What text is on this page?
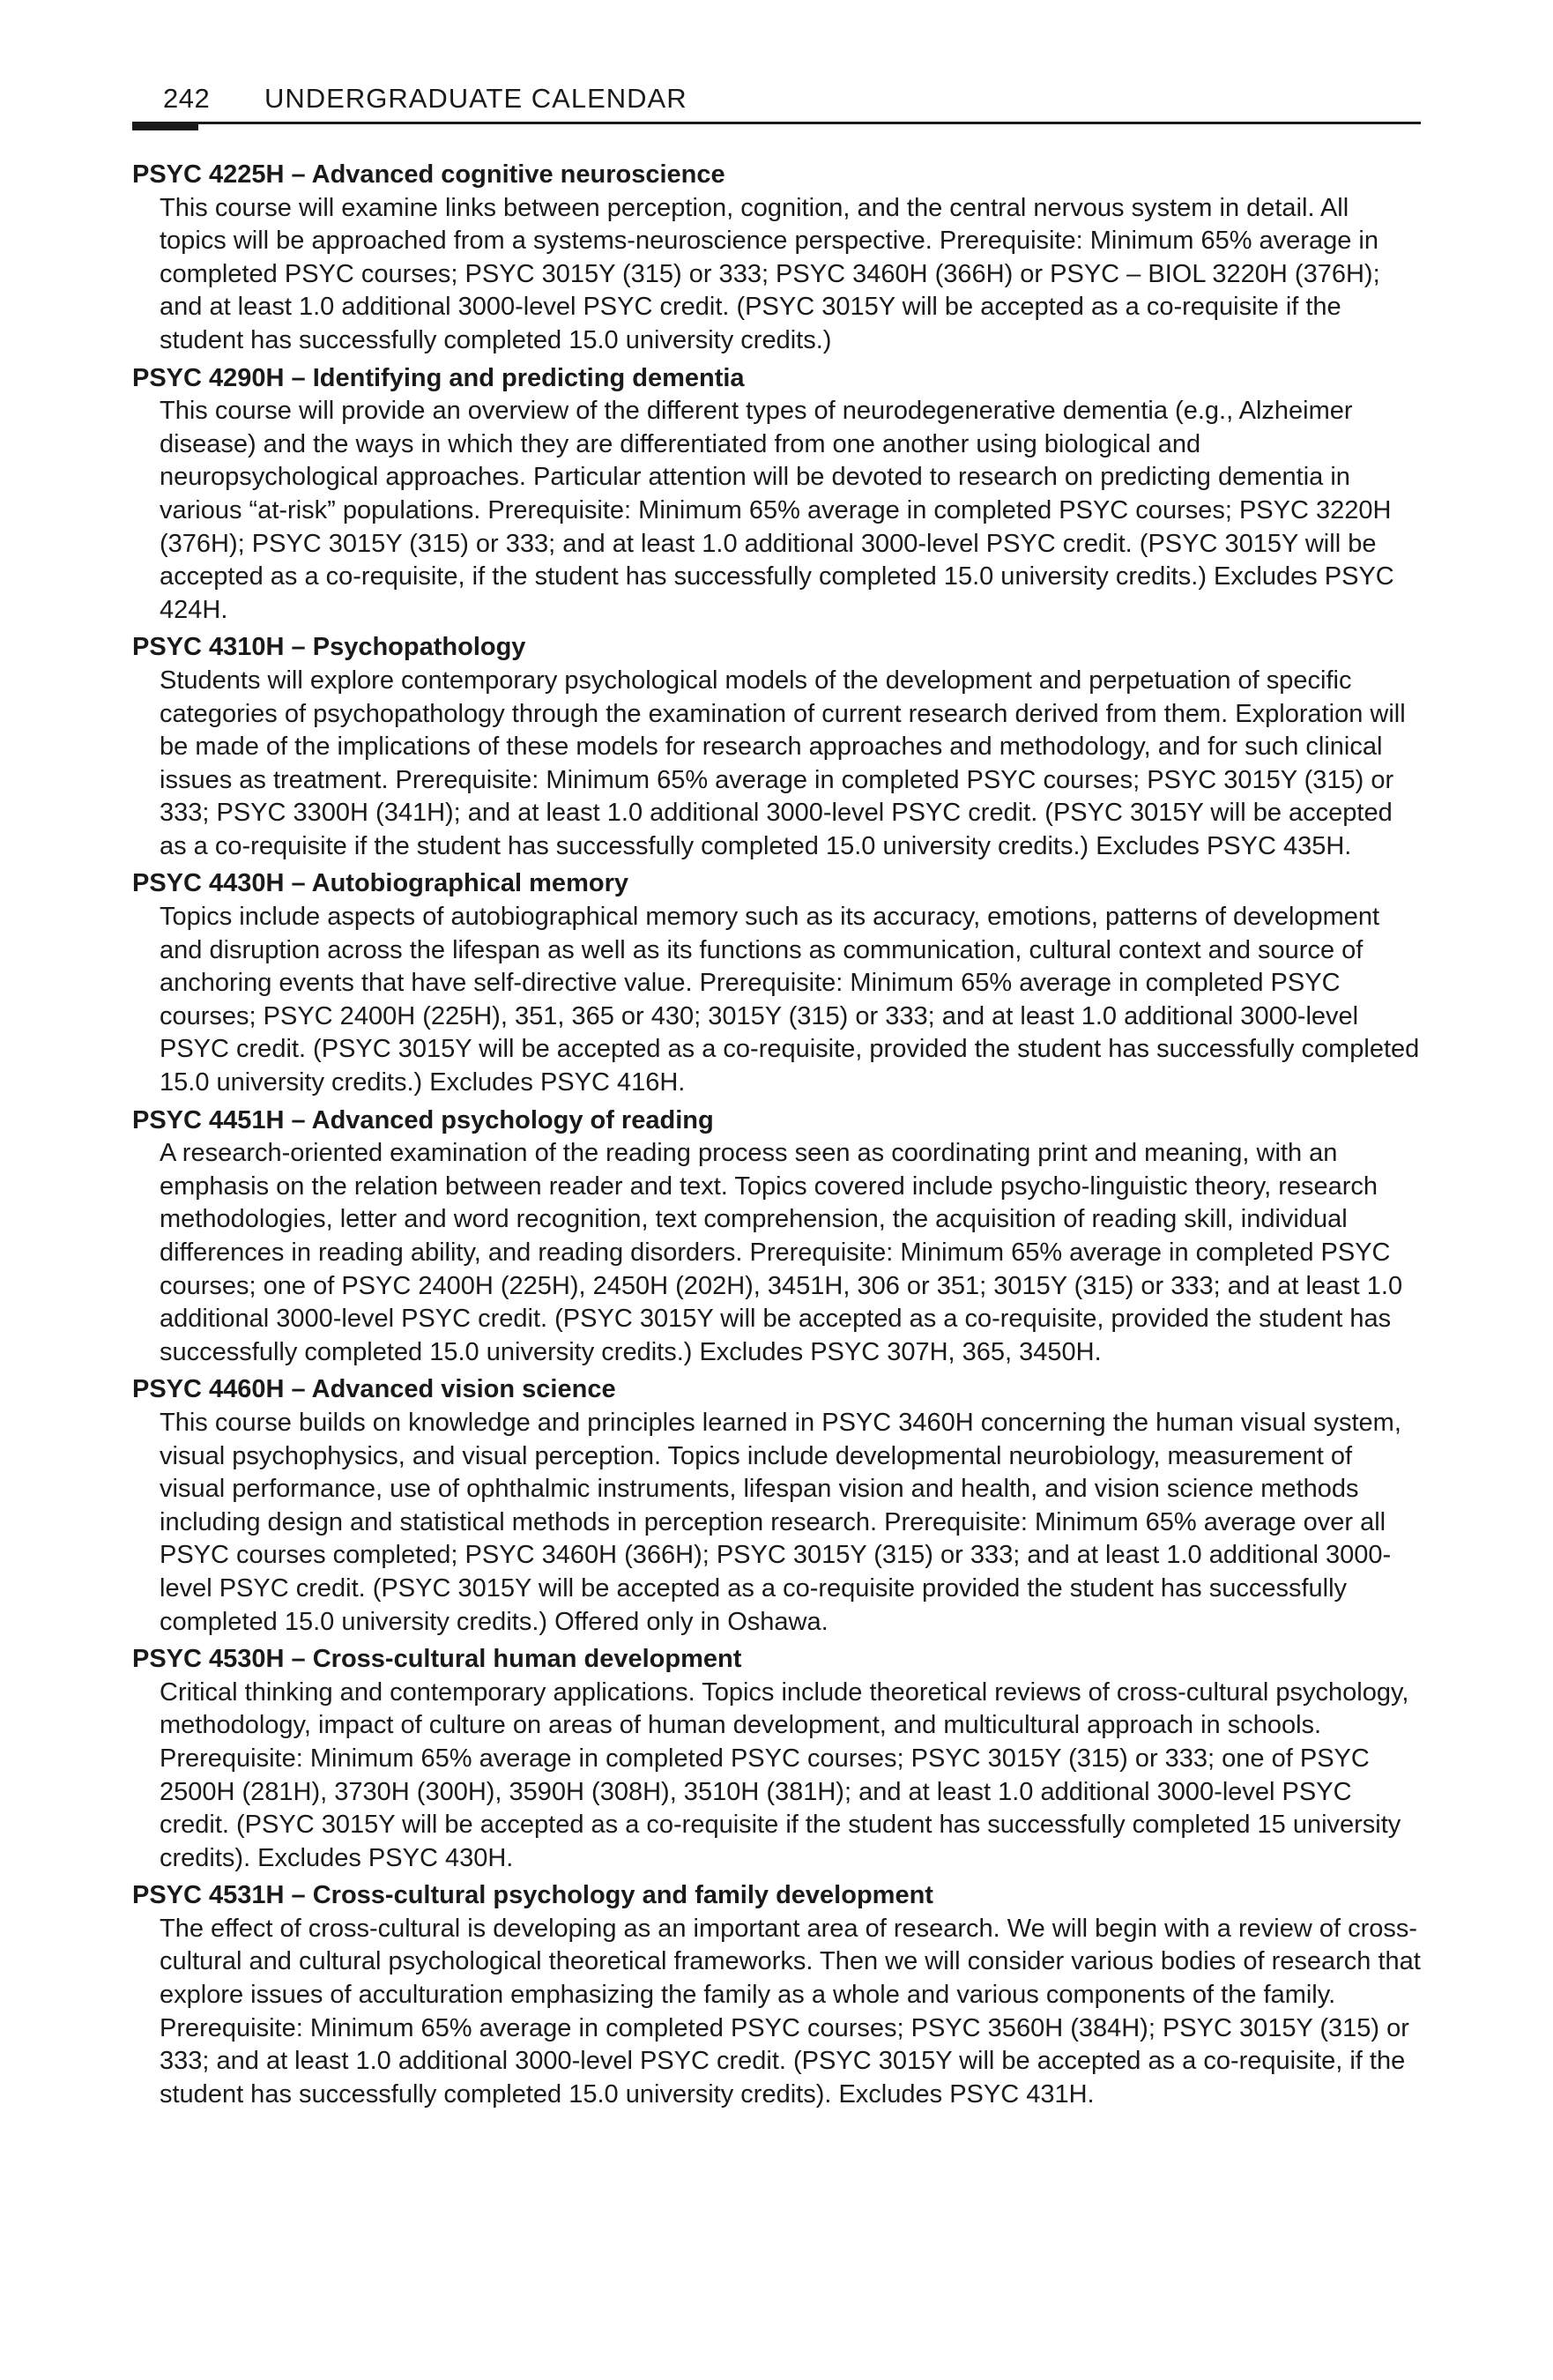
242 UNDERGRADUATE CALENDAR

PSYC 4225H – Advanced cognitive neuroscience

This course will examine links between perception, cognition, and the central nervous system in detail. All topics will be approached from a systems-neuroscience perspective. Prerequisite: Minimum 65% average in completed PSYC courses; PSYC 3015Y (315) or 333; PSYC 3460H (366H) or PSYC – BIOL 3220H (376H); and at least 1.0 additional 3000-level PSYC credit. (PSYC 3015Y will be accepted as a co-requisite if the student has successfully completed 15.0 university credits.)

PSYC 4290H – Identifying and predicting dementia

This course will provide an overview of the different types of neurodegenerative dementia (e.g., Alzheimer disease) and the ways in which they are differentiated from one another using biological and neuropsychological approaches. Particular attention will be devoted to research on predicting dementia in various “at-risk” populations. Prerequisite: Minimum 65% average in completed PSYC courses; PSYC 3220H (376H); PSYC 3015Y (315) or 333; and at least 1.0 additional 3000-level PSYC credit. (PSYC 3015Y will be accepted as a co-requisite, if the student has successfully completed 15.0 university credits.) Excludes PSYC 424H.

PSYC 4310H – Psychopathology

Students will explore contemporary psychological models of the development and perpetuation of specific categories of psychopathology through the examination of current research derived from them. Exploration will be made of the implications of these models for research approaches and methodology, and for such clinical issues as treatment. Prerequisite: Minimum 65% average in completed PSYC courses; PSYC 3015Y (315) or 333; PSYC 3300H (341H); and at least 1.0 additional 3000-level PSYC credit. (PSYC 3015Y will be accepted as a co-requisite if the student has successfully completed 15.0 university credits.) Excludes PSYC 435H.

PSYC 4430H – Autobiographical memory

Topics include aspects of autobiographical memory such as its accuracy, emotions, patterns of development and disruption across the lifespan as well as its functions as communication, cultural context and source of anchoring events that have self-directive value. Prerequisite: Minimum 65% average in completed PSYC courses; PSYC 2400H (225H), 351, 365 or 430; 3015Y (315) or 333; and at least 1.0 additional 3000-level PSYC credit. (PSYC 3015Y will be accepted as a co-requisite, provided the student has successfully completed 15.0 university credits.) Excludes PSYC 416H.

PSYC 4451H – Advanced psychology of reading

A research-oriented examination of the reading process seen as coordinating print and meaning, with an emphasis on the relation between reader and text. Topics covered include psycho-linguistic theory, research methodologies, letter and word recognition, text comprehension, the acquisition of reading skill, individual differences in reading ability, and reading disorders. Prerequisite: Minimum 65% average in completed PSYC courses; one of PSYC 2400H (225H), 2450H (202H), 3451H, 306 or 351; 3015Y (315) or 333; and at least 1.0 additional 3000-level PSYC credit. (PSYC 3015Y will be accepted as a co-requisite, provided the student has successfully completed 15.0 university credits.) Excludes PSYC 307H, 365, 3450H.

PSYC 4460H – Advanced vision science

This course builds on knowledge and principles learned in PSYC 3460H concerning the human visual system, visual psychophysics, and visual perception. Topics include developmental neurobiology, measurement of visual performance, use of ophthalmic instruments, lifespan vision and health, and vision science methods including design and statistical methods in perception research. Prerequisite: Minimum 65% average over all PSYC courses completed; PSYC 3460H (366H); PSYC 3015Y (315) or 333; and at least 1.0 additional 3000-level PSYC credit. (PSYC 3015Y will be accepted as a co-requisite provided the student has successfully completed 15.0 university credits.) Offered only in Oshawa.

PSYC 4530H – Cross-cultural human development

Critical thinking and contemporary applications. Topics include theoretical reviews of cross-cultural psychology, methodology, impact of culture on areas of human development, and multicultural approach in schools. Prerequisite: Minimum 65% average in completed PSYC courses; PSYC 3015Y (315) or 333; one of PSYC 2500H (281H), 3730H (300H), 3590H (308H), 3510H (381H); and at least 1.0 additional 3000-level PSYC credit. (PSYC 3015Y will be accepted as a co-requisite if the student has successfully completed 15 university credits). Excludes PSYC 430H.

PSYC 4531H – Cross-cultural psychology and family development

The effect of cross-cultural is developing as an important area of research. We will begin with a review of cross-cultural and cultural psychological theoretical frameworks. Then we will consider various bodies of research that explore issues of acculturation emphasizing the family as a whole and various components of the family. Prerequisite: Minimum 65% average in completed PSYC courses; PSYC 3560H (384H); PSYC 3015Y (315) or 333; and at least 1.0 additional 3000-level PSYC credit. (PSYC 3015Y will be accepted as a co-requisite, if the student has successfully completed 15.0 university credits). Excludes PSYC 431H.
